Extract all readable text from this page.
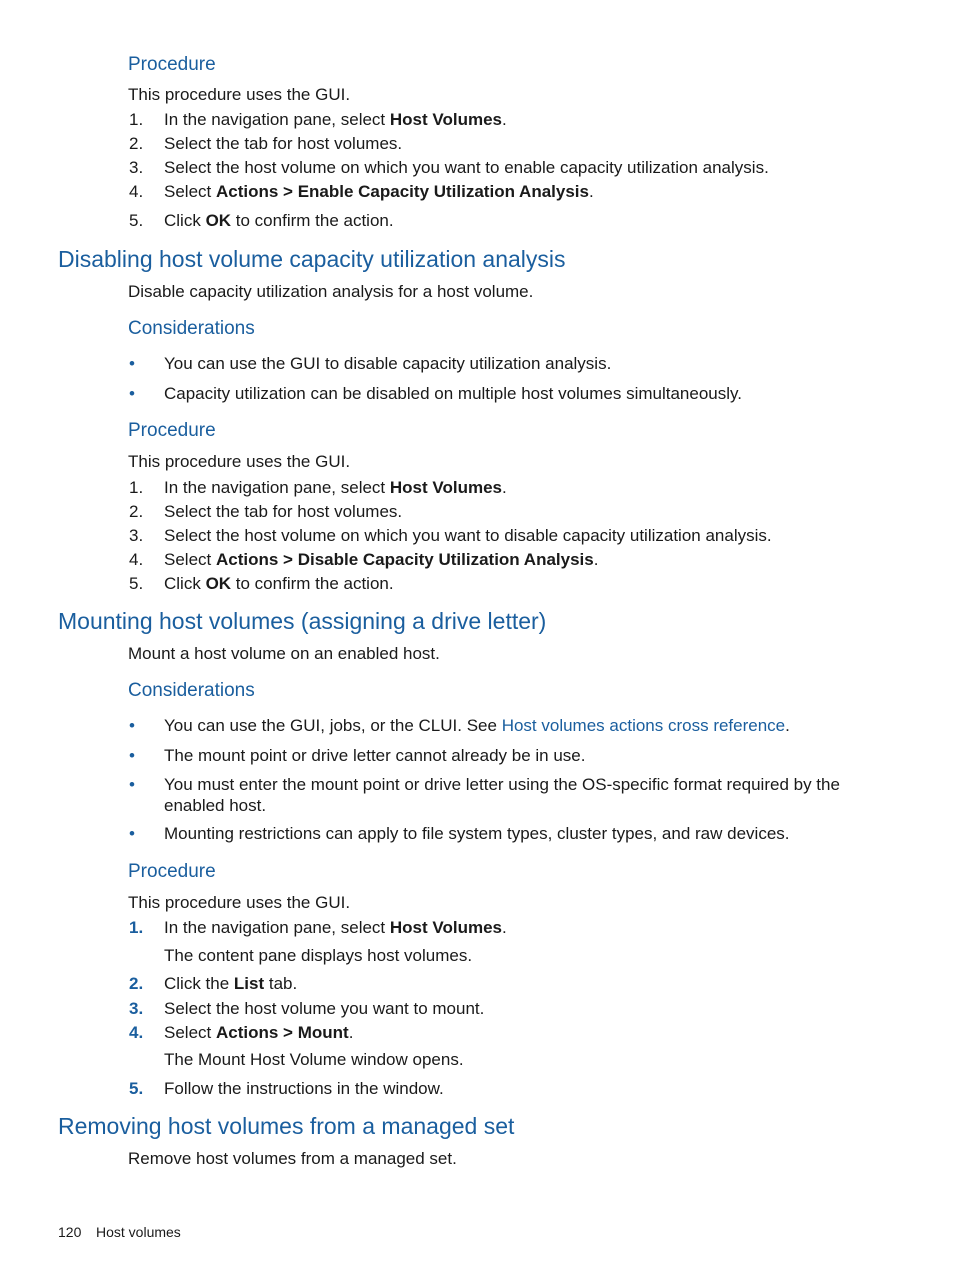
Procedure
This procedure uses the GUI.
1. In the navigation pane, select Host Volumes.
2. Select the tab for host volumes.
3. Select the host volume on which you want to enable capacity utilization analysis.
4. Select Actions > Enable Capacity Utilization Analysis.
5. Click OK to confirm the action.
Disabling host volume capacity utilization analysis
Disable capacity utilization analysis for a host volume.
Considerations
• You can use the GUI to disable capacity utilization analysis.
• Capacity utilization can be disabled on multiple host volumes simultaneously.
Procedure
This procedure uses the GUI.
1. In the navigation pane, select Host Volumes.
2. Select the tab for host volumes.
3. Select the host volume on which you want to disable capacity utilization analysis.
4. Select Actions > Disable Capacity Utilization Analysis.
5. Click OK to confirm the action.
Mounting host volumes (assigning a drive letter)
Mount a host volume on an enabled host.
Considerations
• You can use the GUI, jobs, or the CLUI. See Host volumes actions cross reference.
• The mount point or drive letter cannot already be in use.
• You must enter the mount point or drive letter using the OS-specific format required by the
enabled host.
• Mounting restrictions can apply to file system types, cluster types, and raw devices.
Procedure
This procedure uses the GUI.
1. In the navigation pane, select Host Volumes.
The content pane displays host volumes.
2. Click the List tab.
3. Select the host volume you want to mount.
4. Select Actions > Mount.
The Mount Host Volume window opens.
5. Follow the instructions in the window.
Removing host volumes from a managed set
Remove host volumes from a managed set.
120 Host volumes
